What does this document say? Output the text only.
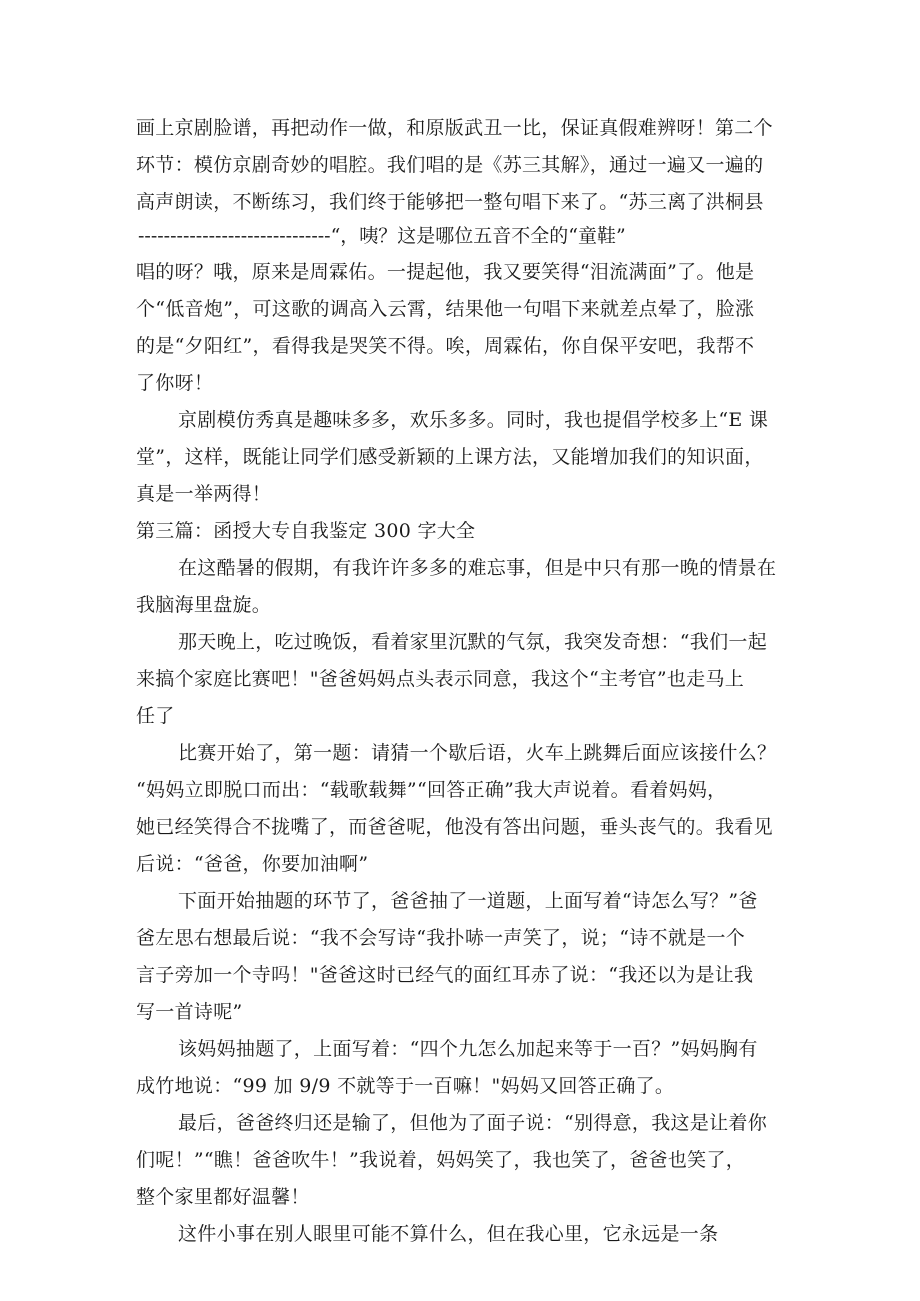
画上京剧脸谱，再把动作一做，和原版武丑一比，保证真假难辨呀！第二个
环节：模仿京剧奇妙的唱腔。我们唱的是《苏三其解》，通过一遍又一遍的
高声朗读，不断练习，我们终于能够把一整句唱下来了。“苏三离了洪桐县
------------------------------“，咦？这是哪位五音不全的“童鞋”
唱的呀？哦，原来是周霖佑。一提起他，我又要笑得“泪流满面”了。他是
个“低音炮”，可这歌的调高入云霄，结果他一句唱下来就差点晕了，脸涨
的是“夕阳红”，看得我是哭笑不得。唉，周霖佑，你自保平安吧，我帮不
了你呀！
京剧模仿秀真是趣味多多，欢乐多多。同时，我也提倡学校多上“E 课
堂”，这样，既能让同学们感受新颖的上课方法，又能增加我们的知识面，
真是一举两得！
第三篇：函授大专自我鉴定 300 字大全
在这酷暑的假期，有我许许多多的难忘事，但是中只有那一晚的情景在
我脑海里盘旋。
那天晚上，吃过晚饭，看着家里沉默的气氛，我突发奇想：“我们一起
来搞个家庭比赛吧！"爸爸妈妈点头表示同意，我这个“主考官”也走马上
任了
比赛开始了，第一题：请猜一个歇后语，火车上跳舞后面应该接什么？
“妈妈立即脱口而出：“载歌载舞”“回答正确”我大声说着。看着妈妈，
她已经笑得合不拢嘴了，而爸爸呢，他没有答出问题，垂头丧气的。我看见
后说：“爸爸，你要加油啊”
下面开始抽题的环节了，爸爸抽了一道题，上面写着“诗怎么写？”爸
爸左思右想最后说：“我不会写诗“我扑哧一声笑了，说；“诗不就是一个
言子旁加一个寺吗！"爸爸这时已经气的面红耳赤了说：“我还以为是让我
写一首诗呢”
该妈妈抽题了，上面写着：“四个九怎么加起来等于一百？”妈妈胸有
成竹地说：“99 加 9/9 不就等于一百嘛！"妈妈又回答正确了。
最后，爸爸终归还是输了，但他为了面子说：“别得意，我这是让着你
们呢！”“瞧！爸爸吹牛！”我说着，妈妈笑了，我也笑了，爸爸也笑了，
整个家里都好温馨！
这件小事在别人眼里可能不算什么，但在我心里，它永远是一条
